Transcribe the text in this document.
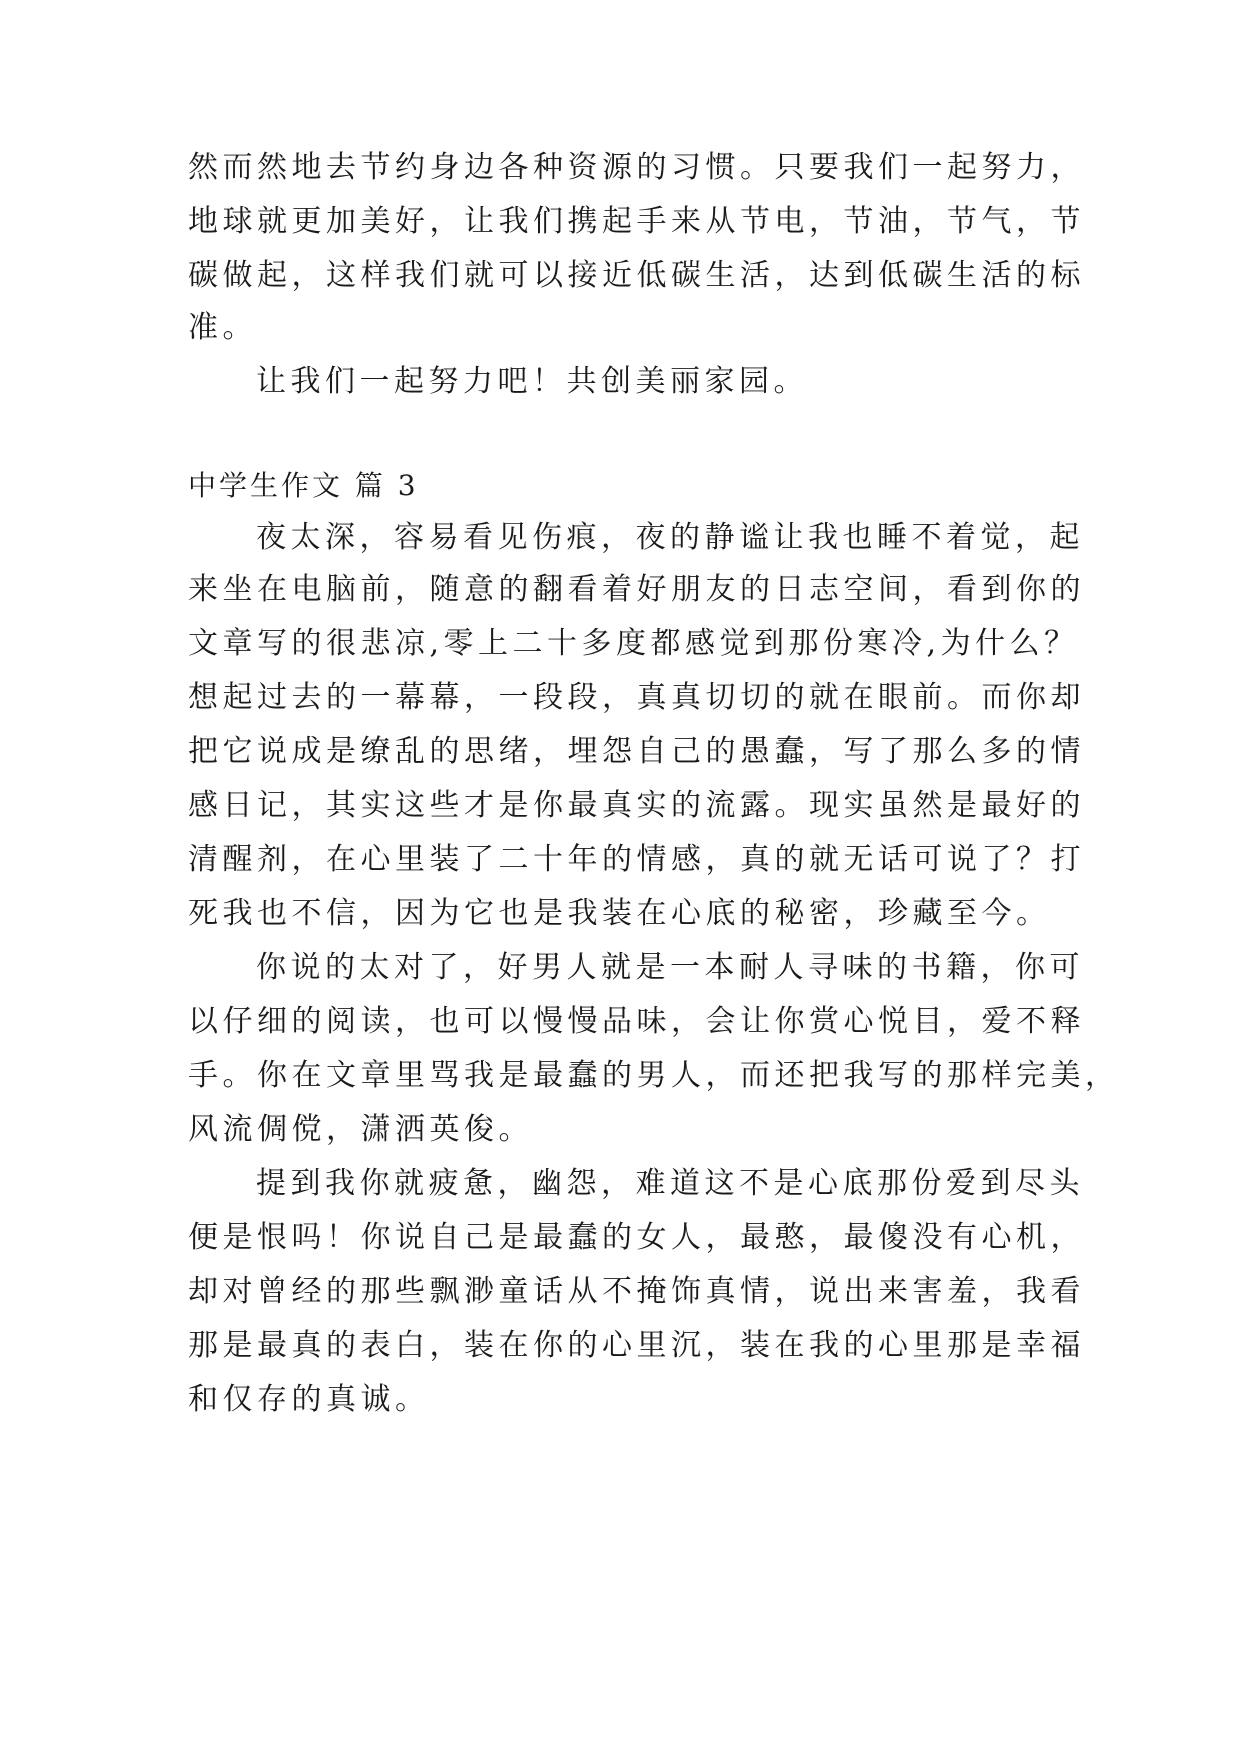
然而然地去节约身边各种资源的习惯。只要我们一起努力，
地球就更加美好，让我们携起手来从节电，节油，节气，节
碳做起，这样我们就可以接近低碳生活，达到低碳生活的标
准。
让我们一起努力吧！共创美丽家园。
中学生作文 篇 3
夜太深，容易看见伤痕，夜的静谧让我也睡不着觉，起
来坐在电脑前，随意的翻看着好朋友的日志空间，看到你的
文章写的很悲凉,零上二十多度都感觉到那份寒冷,为什么？
想起过去的一幕幕，一段段，真真切切的就在眼前。而你却
把它说成是缭乱的思绪，埋怨自己的愚蠢，写了那么多的情
感日记，其实这些才是你最真实的流露。现实虽然是最好的
清醒剂，在心里装了二十年的情感，真的就无话可说了？打
死我也不信，因为它也是我装在心底的秘密，珍藏至今。
你说的太对了，好男人就是一本耐人寻味的书籍，你可
以仔细的阅读，也可以慢慢品味，会让你赏心悦目，爱不释
手。你在文章里骂我是最蠢的男人，而还把我写的那样完美，
风流倜傥，潇洒英俊。
提到我你就疲惫，幽怨，难道这不是心底那份爱到尽头
便是恨吗！你说自己是最蠢的女人，最憨，最傻没有心机，
却对曾经的那些飘渺童话从不掩饰真情，说出来害羞，我看
那是最真的表白，装在你的心里沉，装在我的心里那是幸福
和仅存的真诚。
